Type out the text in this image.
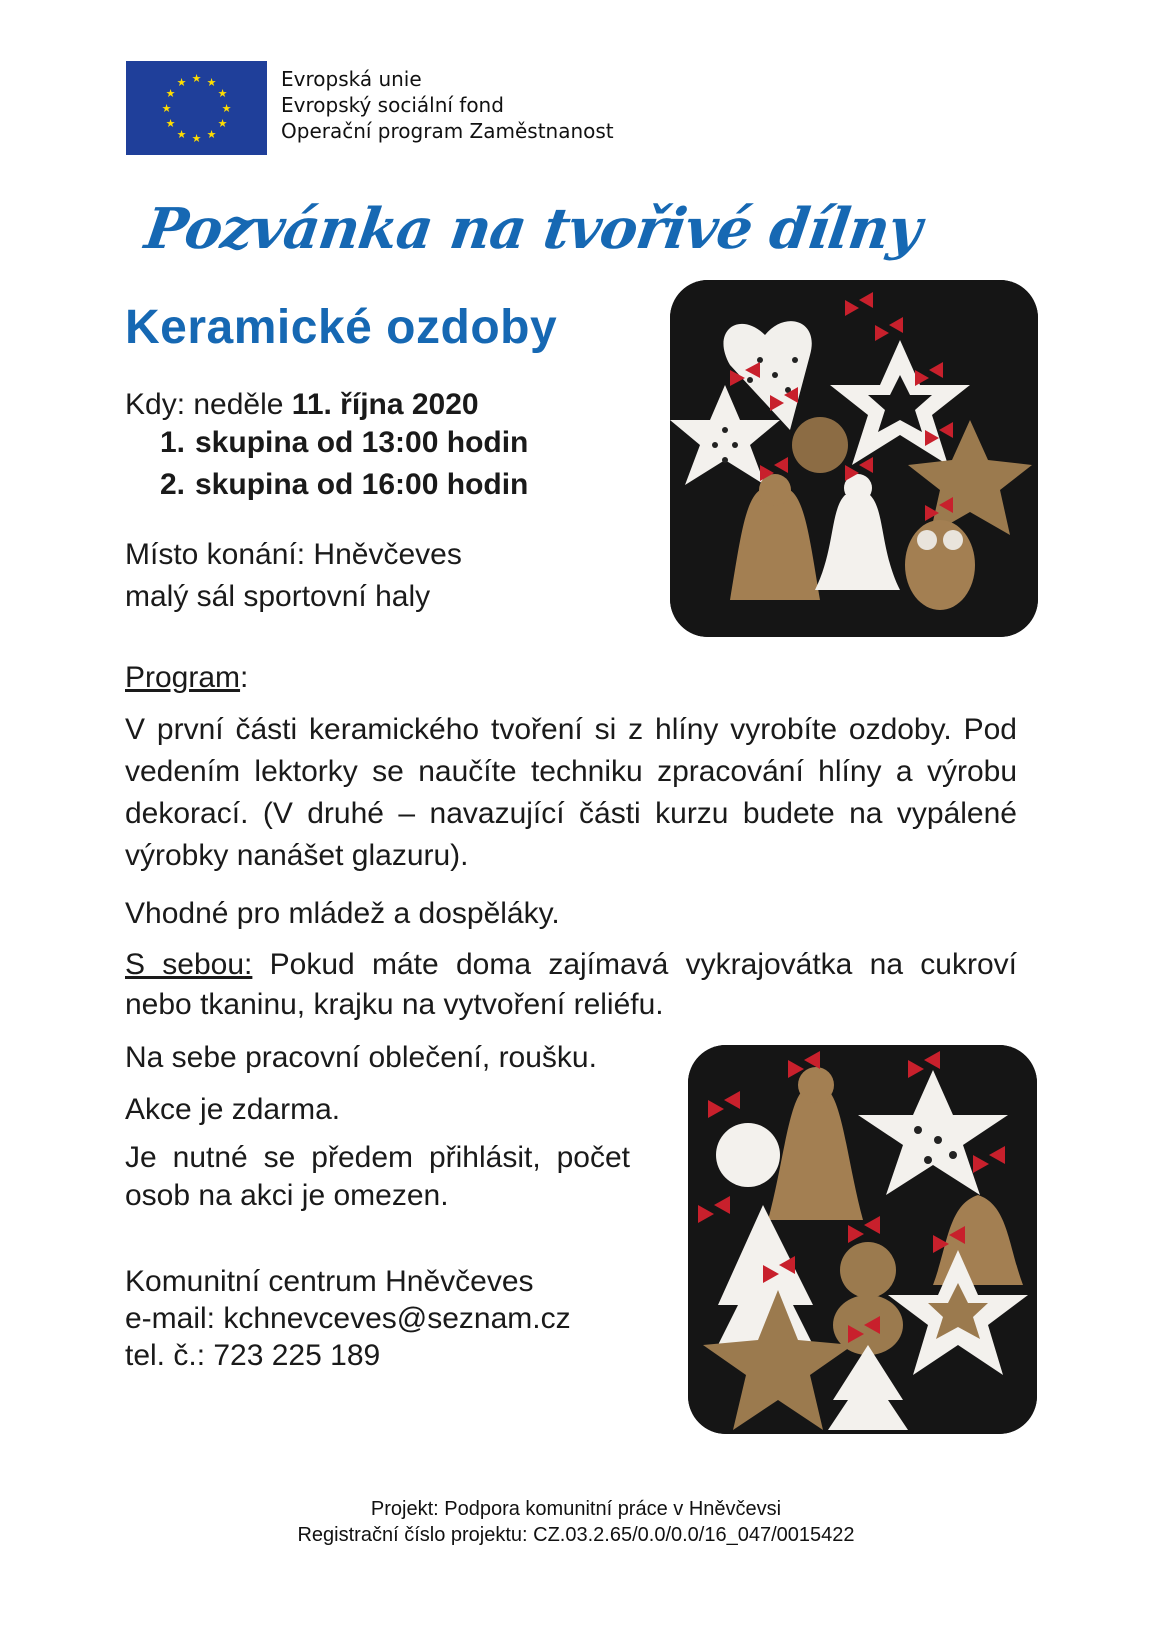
★ ★
★
★
★
★
★
★
★
★
★
★	Evropská unie
Evropský sociální fond
Operační program Zaměstnanost
Pozvánka na tvořivé dílny
Keramické ozdoby
Kdy: neděle 11. října 2020
1. skupina od 13:00 hodin
2. skupina od 16:00 hodin
Místo konání: Hněvčeves
malý sál sportovní haly
Program:
V první části keramického tvoření si z hlíny vyrobíte ozdoby. Pod vedením lektorky se naučíte techniku zpracování hlíny a výrobu dekorací. (V druhé – navazující části kurzu budete na vypálené výrobky nanášet glazuru).
Vhodné pro mládež a dospěláky.
S sebou: Pokud máte doma zajímavá vykrajovátka na cukroví nebo tkaninu, krajku na vytvoření reliéfu.
Na sebe pracovní oblečení, roušku.
Akce je zdarma.
Je nutné se předem přihlásit, počet osob na akci je omezen.
Komunitní centrum Hněvčeves
e-mail: kchnevceves@seznam.cz
tel. č.: 723 225 189
Projekt: Podpora komunitní práce v Hněvčevsi
Registrační číslo projektu: CZ.03.2.65/0.0/0.0/16_047/0015422
